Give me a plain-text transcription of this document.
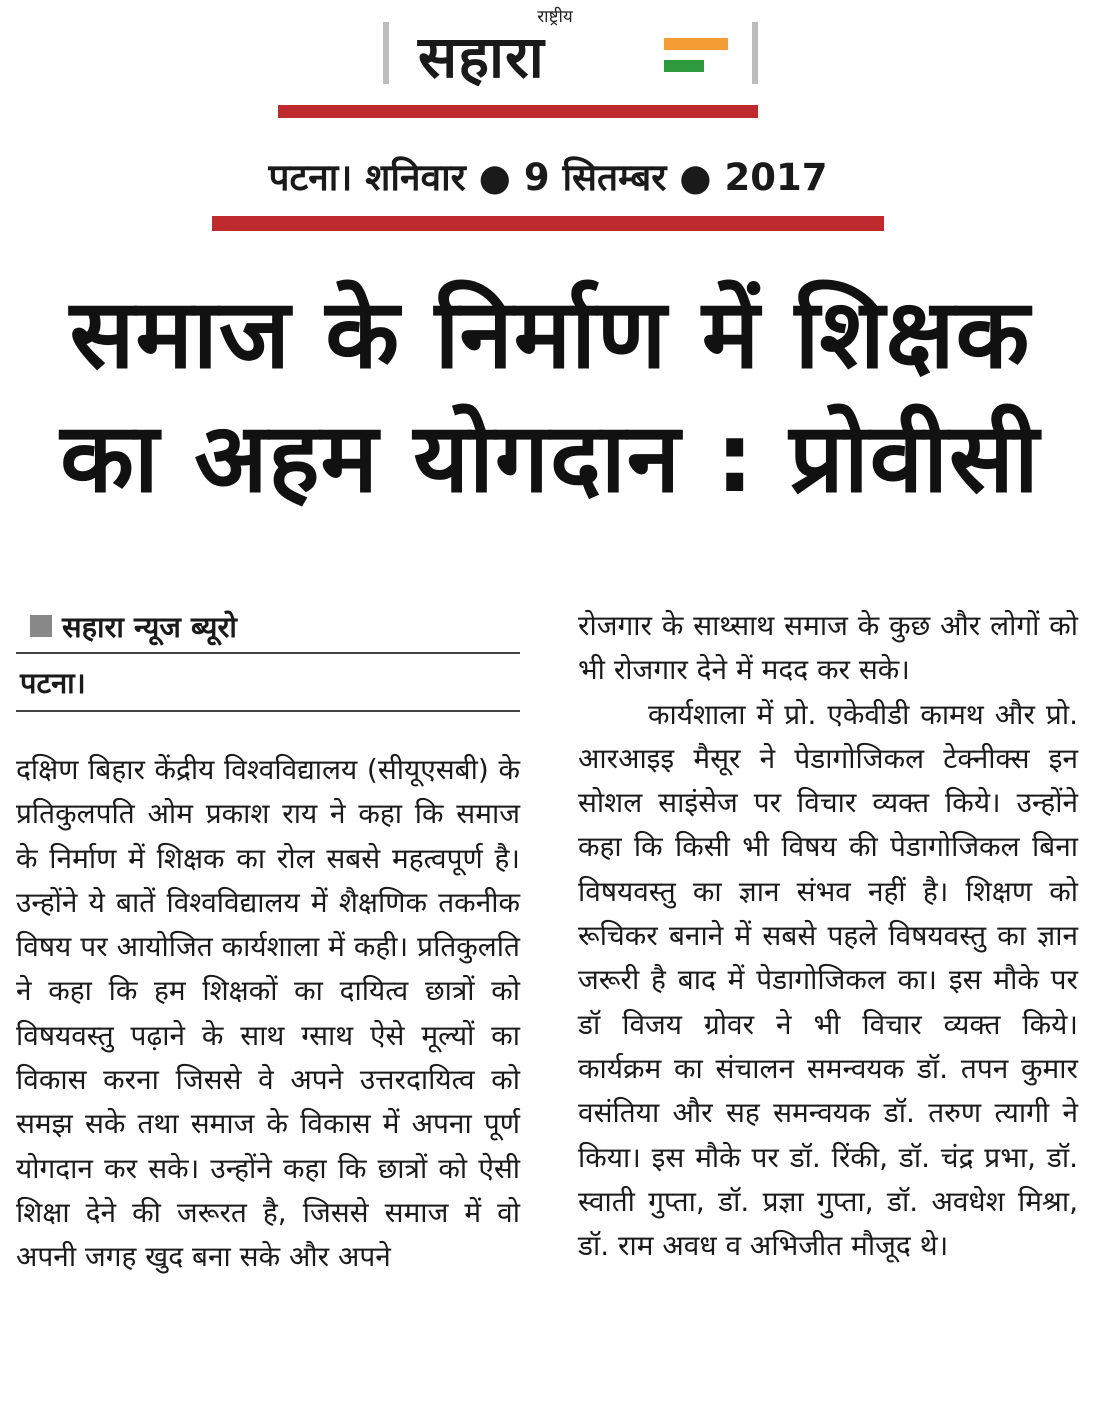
राष्ट्रीय
सहारा
पटना। शनिवार ● 9 सितम्बर ● 2017
समाज के निर्माण में शिक्षक
का अहम योगदान : प्रोवीसी
सहारा न्यूज ब्यूरो
पटना।

दक्षिण बिहार केंद्रीय विश्वविद्यालय (सीयूएसबी) के प्रतिकुलपति ओम प्रकाश राय ने कहा कि समाज के निर्माण में शिक्षक का रोल सबसे महत्वपूर्ण है। उन्होंने ये बातें विश्वविद्यालय में शैक्षणिक तकनीक विषय पर आयोजित कार्यशाला में कही। प्रतिकुलति ने कहा कि हम शिक्षकों का दायित्व छात्रों को विषयवस्तु पढ़ाने के साथ ग्साथ ऐसे मूल्यों का विकास करना जिससे वे अपने उत्तरदायित्व को समझ सके तथा समाज के विकास में अपना पूर्ण योगदान कर सके। उन्होंने कहा कि छात्रों को ऐसी शिक्षा देने की जरूरत है, जिससे समाज में वो अपनी जगह खुद बना सके और अपने

रोजगार के साथ्साथ समाज के कुछ और लोगों को भी रोजगार देने में मदद कर सके।

कार्यशाला में प्रो. एकेवीडी कामथ और प्रो. आरआइइ मैसूर ने पेडागोजिकल टेक्नीक्स इन सोशल साइंसेज पर विचार व्यक्त किये। उन्होंने कहा कि किसी भी विषय की पेडागोजिकल बिना विषयवस्तु का ज्ञान संभव नहीं है। शिक्षण को रूचिकर बनाने में सबसे पहले विषयवस्तु का ज्ञान जरूरी है बाद में पेडागोजिकल का। इस मौके पर डॉ विजय ग्रोवर ने भी विचार व्यक्त किये। कार्यक्रम का संचालन समन्वयक डॉ. तपन कुमार वसंतिया और सह समन्वयक डॉ. तरुण त्यागी ने किया। इस मौके पर डॉ. रिंकी, डॉ. चंद्र प्रभा, डॉ. स्वाती गुप्ता, डॉ. प्रज्ञा गुप्ता, डॉ. अवधेश मिश्रा, डॉ. राम अवध व अभिजीत मौजूद थे।
